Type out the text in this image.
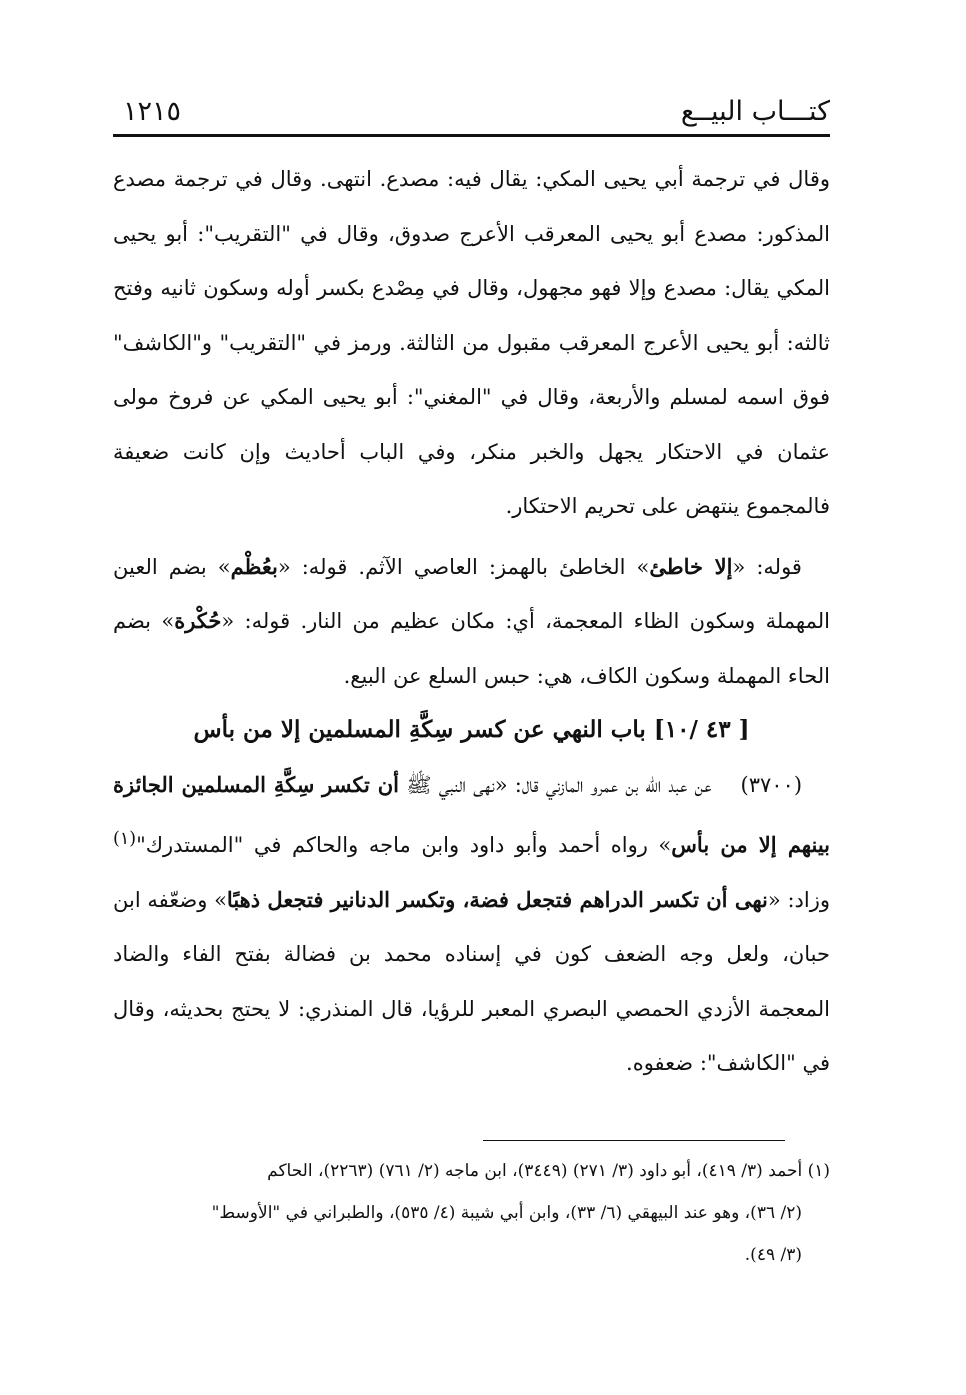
كتـــاب البيــع
١٢١٥

وقال في ترجمة أبي يحيى المكي: يقال فيه: مصدع. انتهى. وقال في ترجمة مصدع المذكور: مصدع أبو يحيى المعرقب الأعرج صدوق، وقال في "التقريب": أبو يحيى المكي يقال: مصدع وإلا فهو مجهول، وقال في مِصْدع بكسر أوله وسكون ثانيه وفتح ثالثه: أبو يحيى الأعرج المعرقب مقبول من الثالثة. ورمز في "التقريب" و"الكاشف" فوق اسمه لمسلم والأربعة، وقال في "المغني": أبو يحيى المكي عن فروخ مولى عثمان في الاحتكار يجهل والخبر منكر، وفي الباب أحاديث وإن كانت ضعيفة فالمجموع ينتهض على تحريم الاحتكار.

قوله: «إلا خاطئ» الخاطئ بالهمز: العاصي الآثم. قوله: «بعُظْم» بضم العين المهملة وسكون الظاء المعجمة، أي: مكان عظيم من النار. قوله: «حُكْرة» بضم الحاء المهملة وسكون الكاف، هي: حبس السلع عن البيع.

[ ٤٣ /١٠] باب النهي عن كسر سِكَّةِ المسلمين إلا من بأس

(٣٧٠٠)    عن عبد الله بن عمرو المازني قال: «نهى النبي ﷺ أن تكسر سِكَّةِ المسلمين الجائزة بينهم إلا من بأس» رواه أحمد وأبو داود وابن ماجه والحاكم في "المستدرك"$^{(١)}$ وزاد: «نهى أن تكسر الدراهم فتجعل فضة، وتكسر الدنانير فتجعل ذهبًا» وضعّفه ابن حبان، ولعل وجه الضعف كون في إسناده محمد بن فضالة بفتح الفاء والضاد المعجمة الأزدي الحمصي البصري المعبر للرؤيا، قال المنذري: لا يحتج بحديثه، وقال في "الكاشف": ضعفوه.

(١) أحمد (٣/ ٤١٩)، أبو داود (٣/ ٢٧١) (٣٤٤٩)، ابن ماجه (٢/ ٧٦١) (٢٢٦٣)، الحاكم

(٢/ ٣٦)، وهو عند البيهقي (٦/ ٣٣)، وابن أبي شيبة (٤/ ٥٣٥)، والطبراني في "الأوسط"

(٣/ ٤٩).
